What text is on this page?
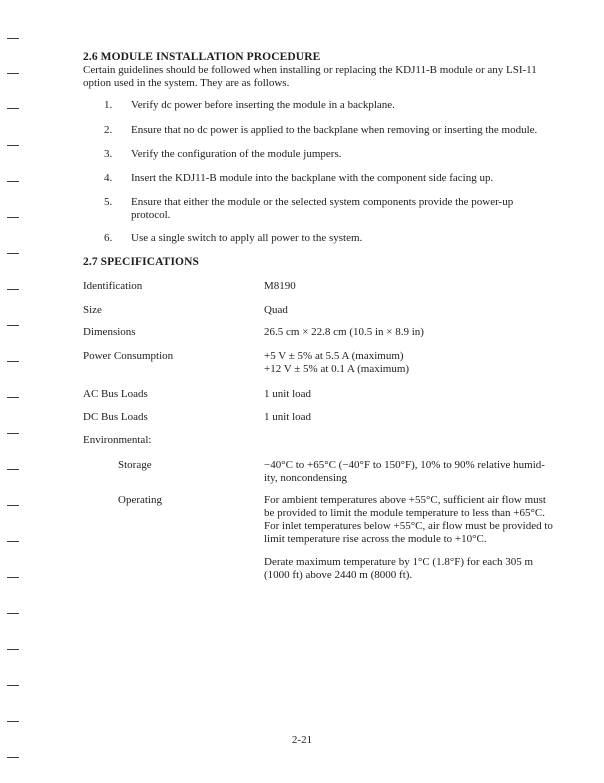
2.6 MODULE INSTALLATION PROCEDURE
Certain guidelines should be followed when installing or replacing the KDJ11-B module or any LSI-11
option used in the system. They are as follows.
1. Verify dc power before inserting the module in a backplane.
2. Ensure that no dc power is applied to the backplane when removing or inserting the module.
3. Verify the configuration of the module jumpers.
4. Insert the KDJ11-B module into the backplane with the component side facing up.
5. Ensure that either the module or the selected system components provide the power-up
protocol.
6. Use a single switch to apply all power to the system.
2.7 SPECIFICATIONS
Identification	M8190
Size	Quad
Dimensions	26.5 cm × 22.8 cm (10.5 in × 8.9 in)
Power Consumption	+5 V ± 5% at 5.5 A (maximum)
+12 V ± 5% at 0.1 A (maximum)
AC Bus Loads	1 unit load
DC Bus Loads	1 unit load
Environmental:
Storage	−40°C to +65°C (−40°F to 150°F), 10% to 90% relative humid-
ity, noncondensing
Operating	For ambient temperatures above +55°C, sufficient air flow must
be provided to limit the module temperature to less than +65°C.
For inlet temperatures below +55°C, air flow must be provided to
limit temperature rise across the module to +10°C.
Derate maximum temperature by 1°C (1.8°F) for each 305 m
(1000 ft) above 2440 m (8000 ft).
2-21
